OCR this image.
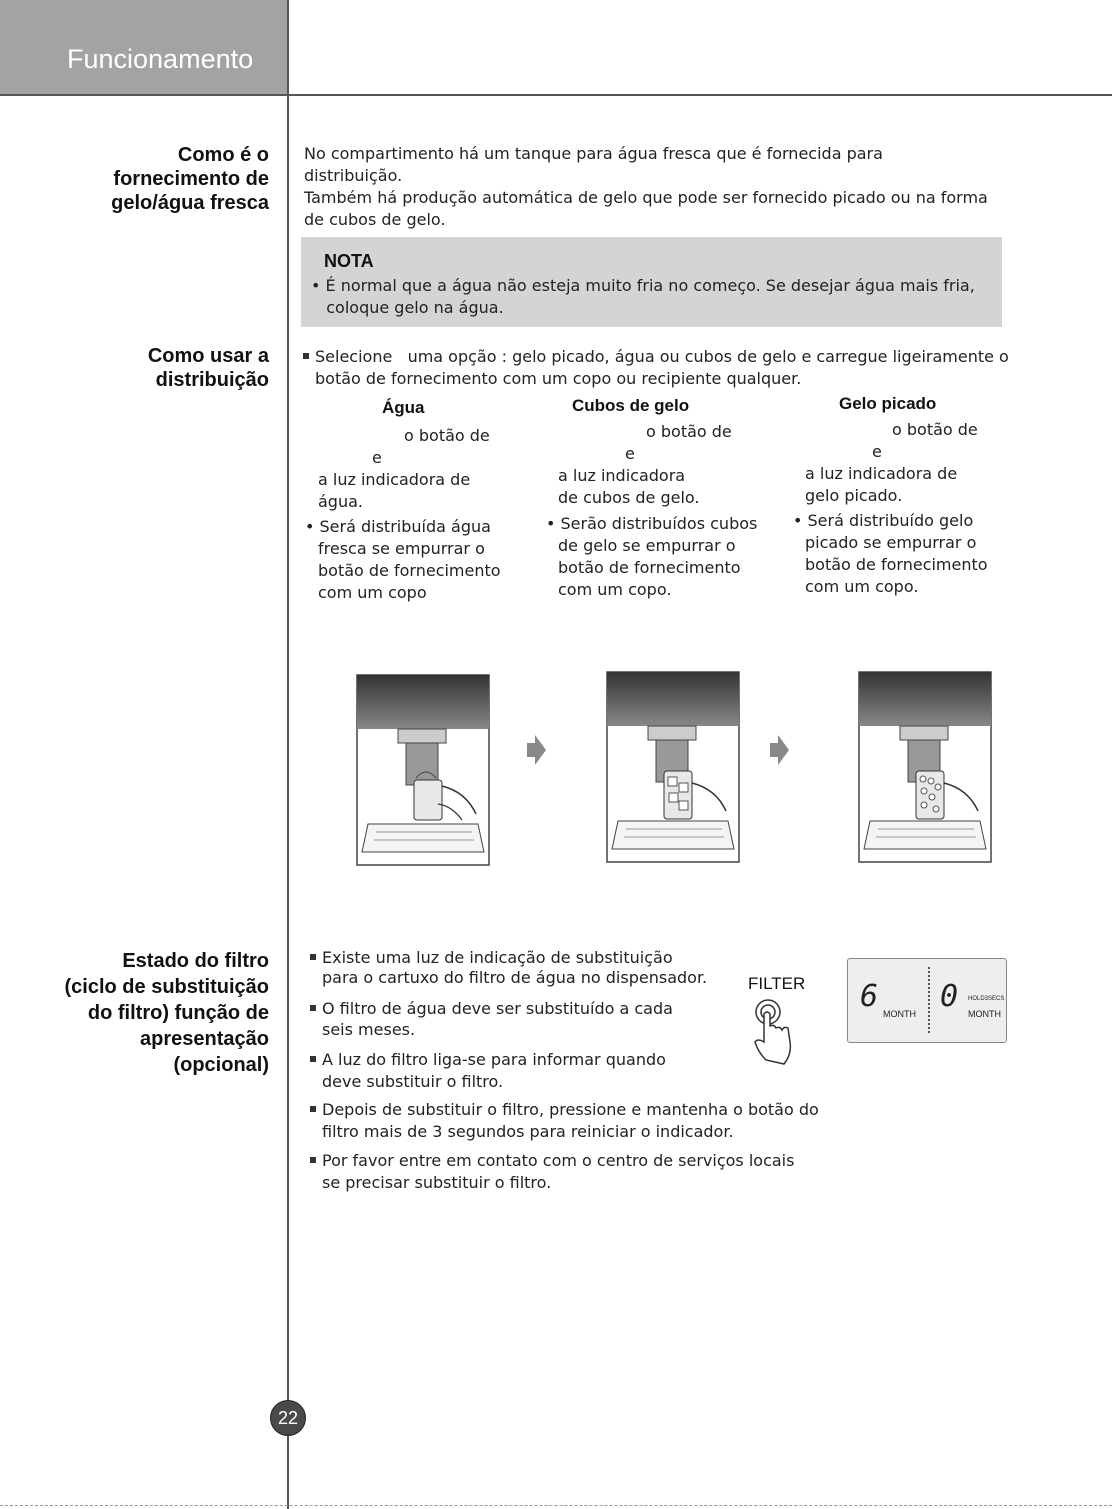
Funcionamento
Como é o
fornecimento de
gelo/água fresca
No compartimento há um tanque para água fresca que é fornecida para
distribuição.
Também há produção automática de gelo que pode ser fornecido picado ou na forma
de cubos de gelo.
NOTA
• É normal que a água não esteja muito fria no começo. Se desejar água mais fria,
coloque gelo na água.
Como usar a
distribuição
Selecione   uma opção : gelo picado, água ou cubos de gelo e carregue ligeiramente o
botão de fornecimento com um copo ou recipiente qualquer.
Água
o botão de
e
a luz indicadora de
água.
• Será distribuída água
fresca se empurrar o
botão de fornecimento
com um copo
Cubos de gelo
o botão de
e
a luz indicadora
de cubos de gelo.
• Serão distribuídos cubos
de gelo se empurrar o
botão de fornecimento
com um copo.
Gelo picado
o botão de
e
a luz indicadora de
gelo picado.
• Será distribuído gelo
picado se empurrar o
botão de fornecimento
com um copo.
Estado do filtro
(ciclo de substituição
do filtro) função de
apresentação
(opcional)
Existe uma luz de indicação de substituição
para o cartuxo do filtro de água no dispensador.
O filtro de água deve ser substituído a cada
seis meses.
A luz do filtro liga-se para informar quando
deve substituir o filtro.
Depois de substituir o filtro, pressione e mantenha o botão do
filtro mais de 3 segundos para reiniciar o indicador.
Por favor entre em contato com o centro de serviços locais
se precisar substituir o filtro.
FILTER 6 MONTH 0 HOLD3SECS
MONTH
22
